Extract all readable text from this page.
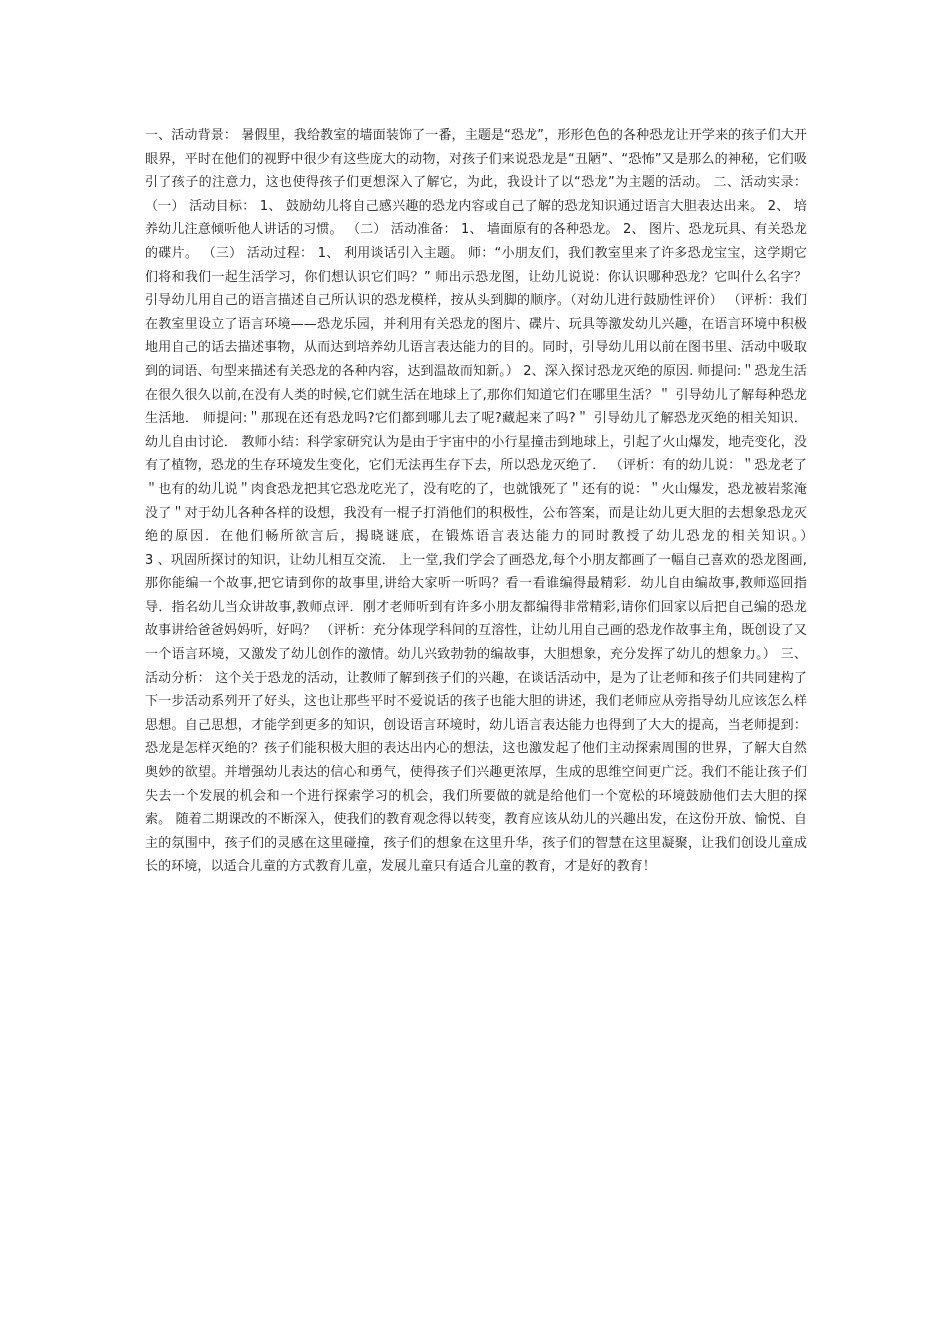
一、活动背景： 暑假里，我给教室的墙面装饰了一番，主题是“恐龙”，形形色色的各种恐龙让开学来的孩子们大开眼界，平时在他们的视野中很少有这些庞大的动物，对孩子们来说恐龙是“丑陋”、“恐怖”又是那么的神秘，它们吸引了孩子的注意力，这也使得孩子们更想深入了解它，为此，我设计了以“恐龙”为主题的活动。 二、活动实录： （一） 活动目标： 1、 鼓励幼儿将自己感兴趣的恐龙内容或自己了解的恐龙知识通过语言大胆表达出来。 2、 培养幼儿注意倾听他人讲话的习惯。 （二） 活动准备： 1、 墙面原有的各种恐龙。 2、 图片、恐龙玩具、有关恐龙的碟片。 （三） 活动过程： 1、 利用谈话引入主题。 师：“小朋友们，我们教室里来了许多恐龙宝宝，这学期它们将和我们一起生活学习，你们想认识它们吗？” 师出示恐龙图，让幼儿说说：你认识哪种恐龙？它叫什么名字？ 引导幼儿用自己的语言描述自己所认识的恐龙模样，按从头到脚的顺序。（对幼儿进行鼓励性评价） （评析：我们在教室里设立了语言环境——恐龙乐园，并利用有关恐龙的图片、碟片、玩具等激发幼儿兴趣，在语言环境中积极地用自己的话去描述事物，从而达到培养幼儿语言表达能力的目的。同时，引导幼儿用以前在图书里、活动中吸取到的词语、句型来描述有关恐龙的各种内容，达到温故而知新。） 2、深入探讨恐龙灭绝的原因. 师提问:＂恐龙生活在很久很久以前,在没有人类的时候,它们就生活在地球上了,那你们知道它们在哪里生活？＂ 引导幼儿了解每种恐龙生活地． 师提问:＂那现在还有恐龙吗?它们都到哪儿去了呢?藏起来了吗?＂ 引导幼儿了解恐龙灭绝的相关知识．幼儿自由讨论． 教师小结：科学家研究认为是由于宇宙中的小行星撞击到地球上，引起了火山爆发，地壳变化，没有了植物，恐龙的生存环境发生变化，它们无法再生存下去，所以恐龙灭绝了． （评析：有的幼儿说：＂恐龙老了＂也有的幼儿说＂肉食恐龙把其它恐龙吃光了，没有吃的了，也就饿死了＂还有的说：＂火山爆发，恐龙被岩浆淹没了＂对于幼儿各种各样的设想，我没有一棍子打消他们的积极性，公布答案，而是让幼儿更大胆的去想象恐龙灭绝的原因．在他们畅所欲言后，揭晓谜底，在锻炼语言表达能力的同时教授了幼儿恐龙的相关知识。）　　　　　　　　　3 、巩固所探讨的知识，让幼儿相互交流． 上一堂,我们学会了画恐龙,每个小朋友都画了一幅自己喜欢的恐龙图画,那你能编一个故事,把它请到你的故事里,讲给大家听一听吗？看一看谁编得最精彩．幼儿自由编故事,教师巡回指导．指名幼儿当众讲故事,教师点评．刚才老师听到有许多小朋友都编得非常精彩,请你们回家以后把自己编的恐龙故事讲给爸爸妈妈听，好吗？ （评析：充分体现学科间的互溶性，让幼儿用自己画的恐龙作故事主角，既创设了又一个语言环境，又激发了幼儿创作的激情。幼儿兴致勃勃的编故事，大胆想象，充分发挥了幼儿的想象力。） 三、活动分析： 这个关于恐龙的活动，让教师了解到孩子们的兴趣，在谈话活动中，是为了让老师和孩子们共同建构了下一步活动系列开了好头，这也让那些平时不爱说话的孩子也能大胆的讲述，我们老师应从旁指导幼儿应该怎么样思想。自己思想，才能学到更多的知识，创设语言环境时，幼儿语言表达能力也得到了大大的提高，当老师提到：恐龙是怎样灭绝的？孩子们能积极大胆的表达出内心的想法，这也激发起了他们主动探索周围的世界，了解大自然奥妙的欲望。并增强幼儿表达的信心和勇气，使得孩子们兴趣更浓厚，生成的思维空间更广泛。我们不能让孩子们失去一个发展的机会和一个进行探索学习的机会，我们所要做的就是给他们一个宽松的环境鼓励他们去大胆的探索。 随着二期课改的不断深入，使我们的教育观念得以转变，教育应该从幼儿的兴趣出发，在这份开放、愉悦、自主的氛围中，孩子们的灵感在这里碰撞，孩子们的想象在这里升华，孩子们的智慧在这里凝聚，让我们创设儿童成长的环境，以适合儿童的方式教育儿童，发展儿童只有适合儿童的教育，才是好的教育！
